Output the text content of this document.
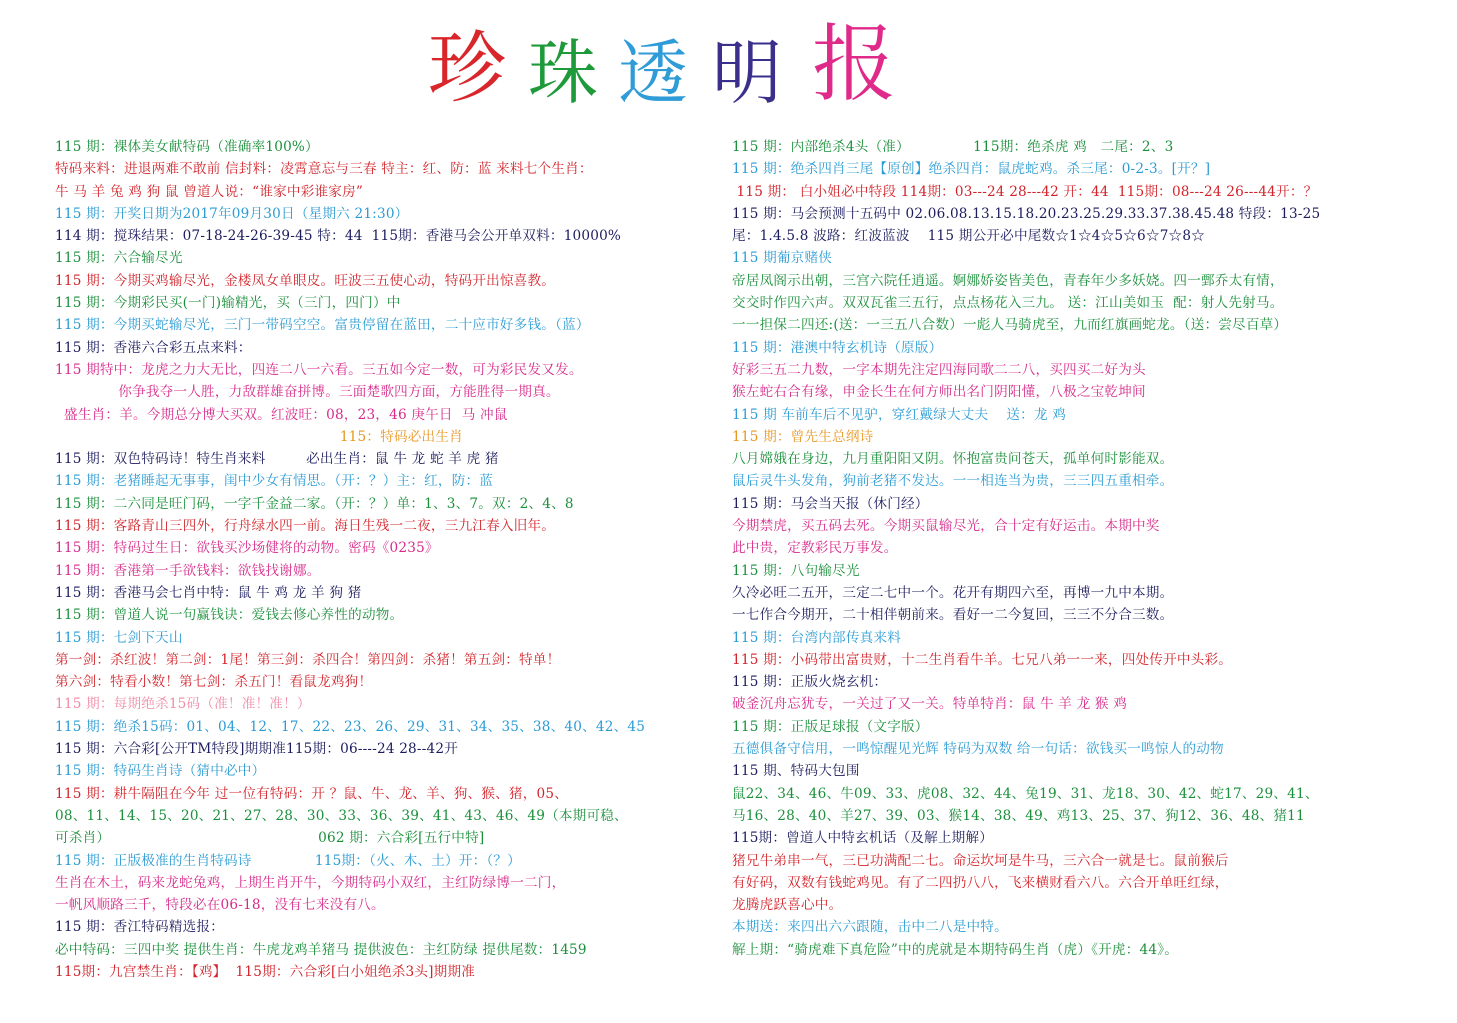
珍 珠 透 明 报
115 期：裸体美女献特码（准确率100%）
特码来料：进退两难不敢前 信封料：凌霄意忘与三春 特主：红、防：蓝 来料七个生肖：
牛 马 羊 兔 鸡 狗 鼠 曾道人说：“谁家中彩谁家房”
115 期：开奖日期为2017年09月30日（星期六 21:30）
114 期：搅珠结果：07-18-24-26-39-45 特：44  115期：香港马会公开单双料：10000%
115 期：六合输尽光
115 期：今期买鸡输尽光，金楼凤女单眼皮。旺波三五使心动，特码开出惊喜教。
115 期：今期彩民买(一门)输精光，买（三门，四门）中
115 期：今期买蛇输尽光，三门一带码空空。富贵停留在蓝田，二十应市好多钱。（蓝）
115 期：香港六合彩五点来料：
115 期特中：龙虎之力大无比，四连二八一六看。三五如今定一数，可为彩民发又发。
你争我夺一人胜，力敌群雄奋拼博。三面楚歌四方面，方能胜得一期真。
盛生肖：羊。今期总分博大买双。红波旺：08，23，46 庚午日  马 冲鼠
115：特码必出生肖
115 期：双色特码诗！特生肖来料         必出生肖：鼠 牛 龙 蛇 羊 虎 猪
115 期：老猪睡起无事事，闺中少女有情思。（开：？）主：红，防：蓝
115 期：二六同是旺门码，一字千金益二家。（开：？）单：1、3、7。双：2、4、8
115 期：客路青山三四外，行舟绿水四一前。海日生残一二夜，三九江春入旧年。
115 期：特码过生日：欲钱买沙场健将的动物。密码《0235》
115 期：香港第一手欲钱料：欲钱找谢娜。
115 期：香港马会七肖中特：鼠 牛 鸡 龙 羊 狗 猪
115 期：曾道人说一句赢钱诀：爱钱去修心养性的动物。
115 期：七剑下天山
第一剑：杀红波！第二剑：1尾！第三剑：杀四合！第四剑：杀猪！第五剑：特单！
第六剑：特看小数！第七剑：杀五门！看鼠龙鸡狗！
115 期：每期绝杀15码（准！准！准！）
115 期：绝杀15码：01、04、12、17、22、23、26、29、31、34、35、38、40、42、45
115 期：六合彩[公开TM特段]期期准115期：06----24 28--42开
115 期：特码生肖诗（猜中必中）
115 期：耕牛隔阻在今年 过一位有特码：开 ？鼠、牛、龙、羊、狗、猴、猪，05、
08、11、14、15、20、21、27、28、30、33、36、39、41、43、46、49（本期可稳、
可杀肖）                                              062 期：六合彩[五行中特]
115 期：正版极准的生肖特码诗              115期：（火、木、土）开：（？）
生肖在木土，码来龙蛇兔鸡，上期生肖开牛，今期特码小双红，主红防绿博一二门，
一帆风顺路三千，特段必在06-18，没有七来没有八。
115 期：香江特码精选报：
必中特码：三四中奖 提供生肖：牛虎龙鸡羊猪马 提供波色：主红防绿 提供尾数：1459
115期：九宫禁生肖：【鸡】  115期：六合彩[白小姐绝杀3头]期期准
115 期：内部绝杀4头（准）              115期：绝杀虎 鸡   二尾：2、3
115 期：绝杀四肖三尾【原创】绝杀四肖：鼠虎蛇鸡。杀三尾：0-2-3。[开？]
115 期： 白小姐必中特段 114期：03---24 28---42 开：44  115期：08---24 26---44开：？
115 期：马会预测十五码中 02.06.08.13.15.18.20.23.25.29.33.37.38.45.48 特段：13-25
尾：1.4.5.8 波路：红波蓝波    115 期公开必中尾数☆1☆4☆5☆6☆7☆8☆
115 期葡京赌侠
帝居凤阁示出朝，三宫六院任逍遥。婀娜娇姿皆美色，青春年少多妖娆。四一鄄乔太有情，
交交时作四六声。双双瓦雀三五行，点点杨花入三九。 送：江山美如玉  配：射人先射马。
一一担保二四还:(送：一三五八合数）一彪人马骑虎至，九而红旗画蛇龙。（送：尝尽百草）
115 期：港澳中特玄机诗（原版）
好彩三五二九数，一字本期先注定四海同歌二二八，买四买二好为头
猴左蛇右合有缘，申金长生在何方师出名门阴阳懂，八极之宝乾坤间
115 期 车前车后不见驴，穿红戴绿大丈夫    送：龙 鸡
115 期：曾先生总纲诗
八月嫦娥在身边，九月重阳阳又阴。怀抱富贵问苍天，孤单何时影能双。
鼠后灵牛头发角，狗前老猪不发达。一一相连当为贵，三三四五重相牵。
115 期：马会当天报（休门经）
今期禁虎，买五码去死。今期买鼠输尽光，合十定有好运击。本期中奖
此中贵，定教彩民万事发。
115 期：八句输尽光
久冷必旺二五开，三定二七中一个。花开有期四六至，再博一九中本期。
一七作合今期开，二十相伴朝前来。看好一二今复回，三三不分合三数。
115 期：台湾内部传真来料
115 期：小码带出富贵财，十二生肖看牛羊。七兄八弟一一来，四处传开中头彩。
115 期：正版火烧玄机：
破釜沉舟忘犹专，一关过了又一关。特单特肖：鼠 牛 羊 龙 猴 鸡
115 期：正版足球报（文字版）
五德俱备守信用，一鸣惊醒见光辉 特码为双数 给一句话：欲钱买一鸣惊人的动物
115 期、特码大包围
鼠22、34、46、牛09、33、虎08、32、44、兔19、31、龙18、30、42、蛇17、29、41、
马16、28、40、羊27、39、03、猴14、38、49、鸡13、25、37、狗12、36、48、猪11
115期：曾道人中特玄机话（及解上期解）
猪兄牛弟串一气，三已功满配二七。命运坎坷是牛马，三六合一就是七。鼠前猴后
有好码，双数有钱蛇鸡见。有了二四扔八八，飞来横财看六八。六合开单旺红绿，
龙腾虎跃喜心中。
本期送：来四出六六跟随，击中二八是中特。
解上期：“骑虎难下真危险”中的虎就是本期特码生肖（虎）《开虎：44》。
